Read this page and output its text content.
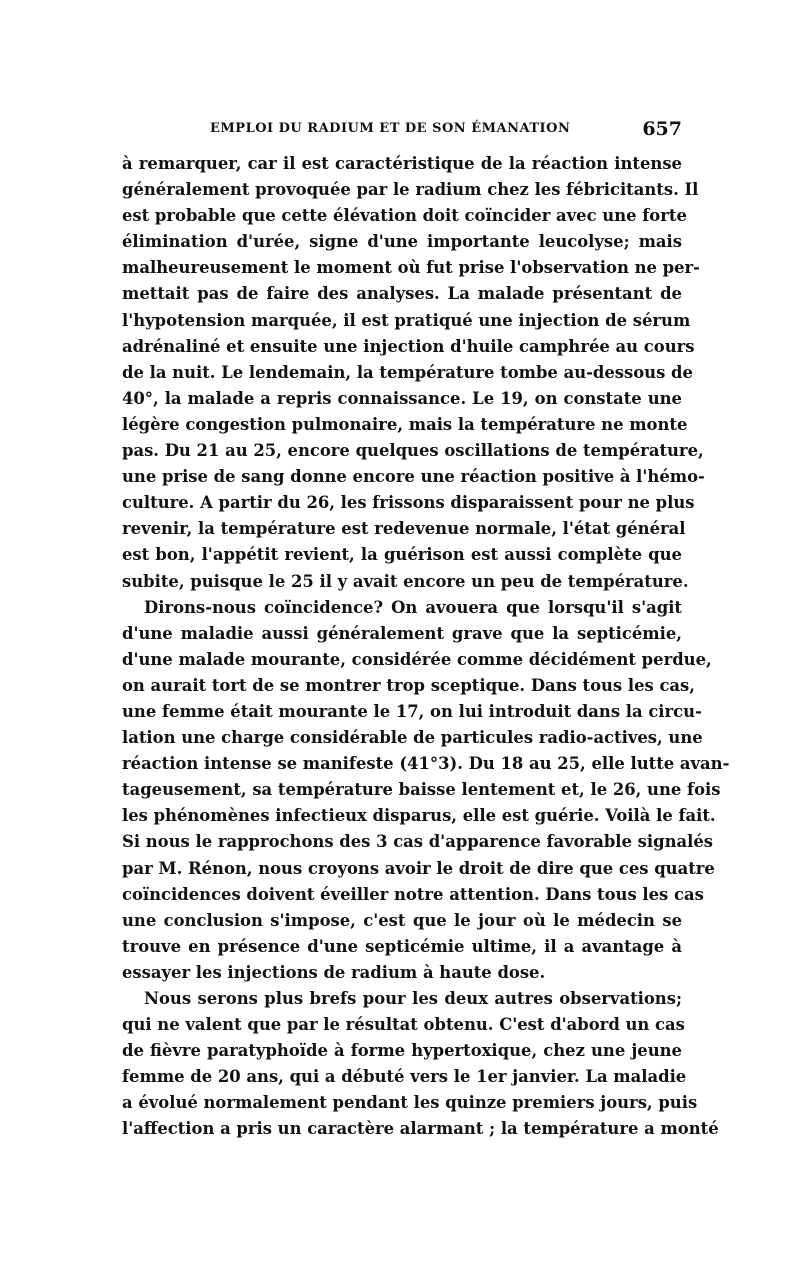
EMPLOI DU RADIUM ET DE SON ÉMANATION	657
à remarquer, car il est caractéristique de la réaction intense
généralement provoquée par le radium chez les fébricitants. Il
est probable que cette élévation doit coïncider avec une forte
élimination d'urée, signe d'une importante leucolyse; mais
malheureusement le moment où fut prise l'observation ne per-
mettait pas de faire des analyses. La malade présentant de
l'hypotension marquée, il est pratiqué une injection de sérum
adrénaliné et ensuite une injection d'huile camphrée au cours
de la nuit. Le lendemain, la température tombe au-dessous de
40°, la malade a repris connaissance. Le 19, on constate une
légère congestion pulmonaire, mais la température ne monte
pas. Du 21 au 25, encore quelques oscillations de température,
une prise de sang donne encore une réaction positive à l'hémo-
culture. A partir du 26, les frissons disparaissent pour ne plus
revenir, la température est redevenue normale, l'état général
est bon, l'appétit revient, la guérison est aussi complète que
subite, puisque le 25 il y avait encore un peu de température.
Dirons-nous coïncidence? On avouera que lorsqu'il s'agit
d'une maladie aussi généralement grave que la septicémie,
d'une malade mourante, considérée comme décidément perdue,
on aurait tort de se montrer trop sceptique. Dans tous les cas,
une femme était mourante le 17, on lui introduit dans la circu-
lation une charge considérable de particules radio-actives, une
réaction intense se manifeste (41°3). Du 18 au 25, elle lutte avan-
tageusement, sa température baisse lentement et, le 26, une fois
les phénomènes infectieux disparus, elle est guérie. Voilà le fait.
Si nous le rapprochons des 3 cas d'apparence favorable signalés
par M. Rénon, nous croyons avoir le droit de dire que ces quatre
coïncidences doivent éveiller notre attention. Dans tous les cas
une conclusion s'impose, c'est que le jour où le médecin se
trouve en présence d'une septicémie ultime, il a avantage à
essayer les injections de radium à haute dose.
Nous serons plus brefs pour les deux autres observations;
qui ne valent que par le résultat obtenu. C'est d'abord un cas
de fièvre paratyphoïde à forme hypertoxique, chez une jeune
femme de 20 ans, qui a débuté vers le 1er janvier. La maladie
a évolué normalement pendant les quinze premiers jours, puis
l'affection a pris un caractère alarmant ; la température a monté
